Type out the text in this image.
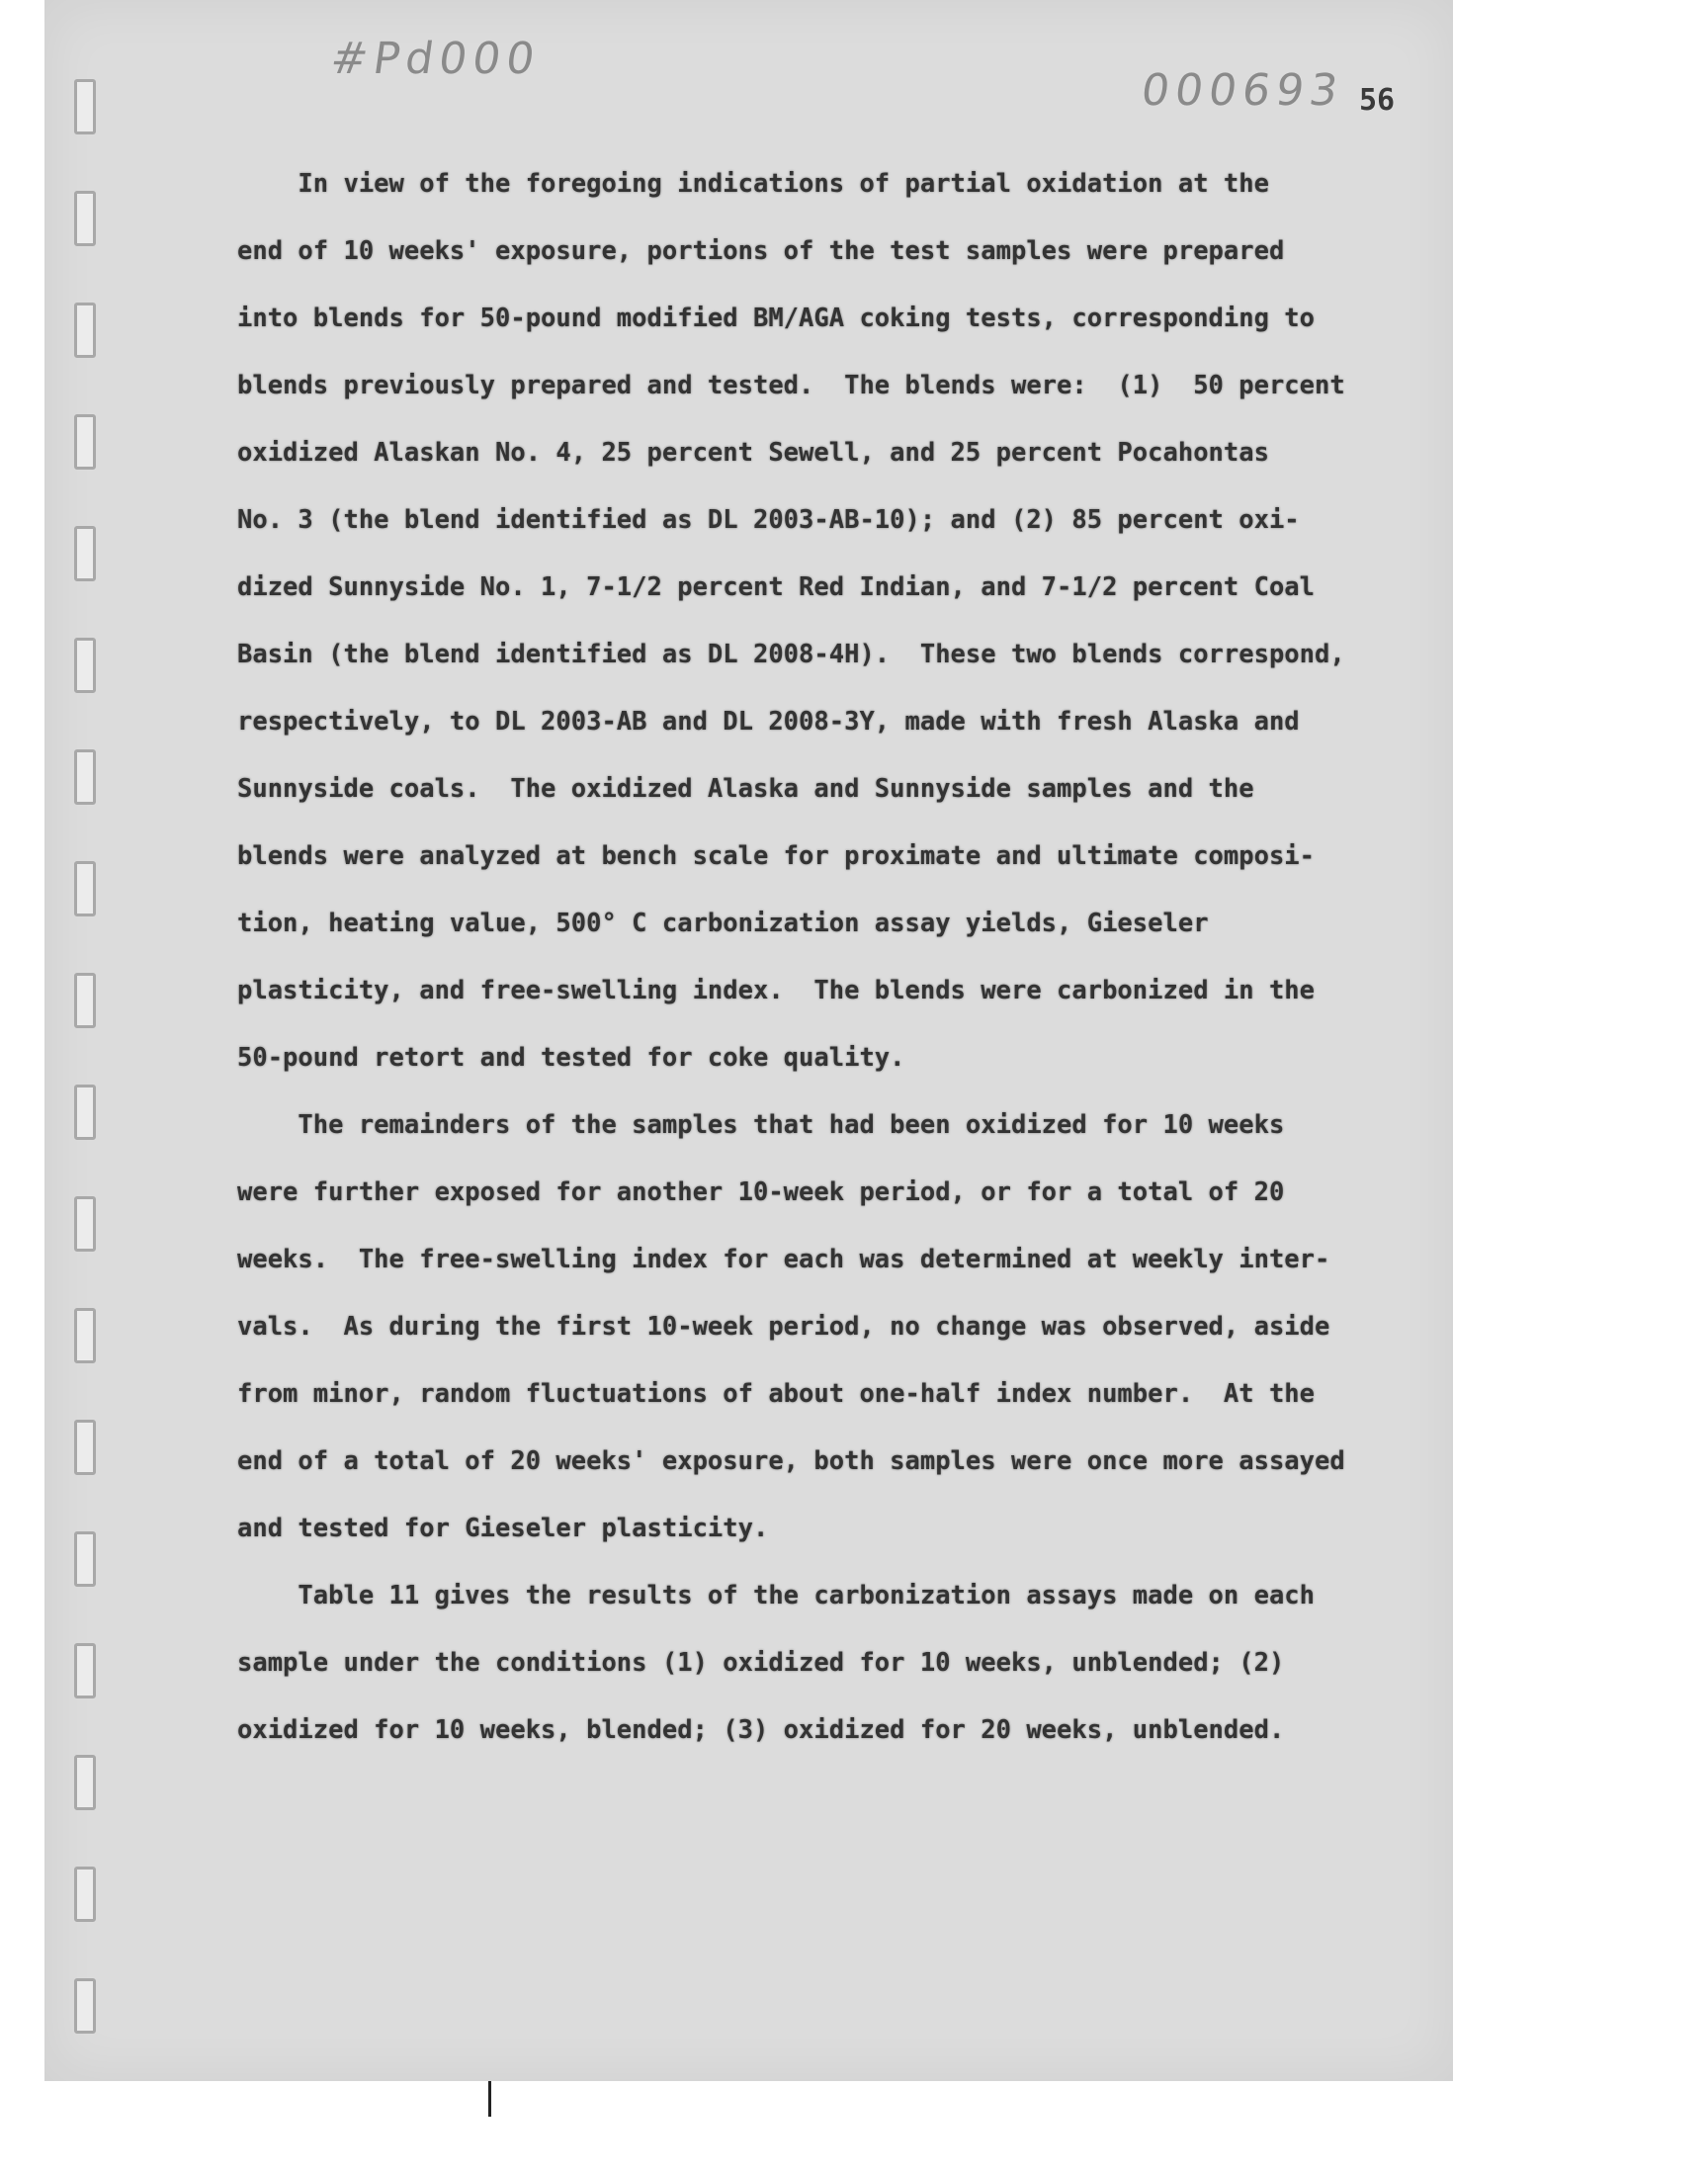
#Pd000
000693 56
In view of the foregoing indications of partial oxidation at the
end of 10 weeks' exposure, portions of the test samples were prepared
into blends for 50-pound modified BM/AGA coking tests, corresponding to
blends previously prepared and tested.  The blends were:  (1)  50 percent
oxidized Alaskan No. 4, 25 percent Sewell, and 25 percent Pocahontas
No. 3 (the blend identified as DL 2003-AB-10); and (2) 85 percent oxi-
dized Sunnyside No. 1, 7-1/2 percent Red Indian, and 7-1/2 percent Coal
Basin (the blend identified as DL 2008-4H).  These two blends correspond,
respectively, to DL 2003-AB and DL 2008-3Y, made with fresh Alaska and
Sunnyside coals.  The oxidized Alaska and Sunnyside samples and the
blends were analyzed at bench scale for proximate and ultimate composi-
tion, heating value, 500° C carbonization assay yields, Gieseler
plasticity, and free-swelling index.  The blends were carbonized in the
50-pound retort and tested for coke quality.
The remainders of the samples that had been oxidized for 10 weeks
were further exposed for another 10-week period, or for a total of 20
weeks.  The free-swelling index for each was determined at weekly inter-
vals.  As during the first 10-week period, no change was observed, aside
from minor, random fluctuations of about one-half index number.  At the
end of a total of 20 weeks' exposure, both samples were once more assayed
and tested for Gieseler plasticity.
Table 11 gives the results of the carbonization assays made on each
sample under the conditions (1) oxidized for 10 weeks, unblended; (2)
oxidized for 10 weeks, blended; (3) oxidized for 20 weeks, unblended.
